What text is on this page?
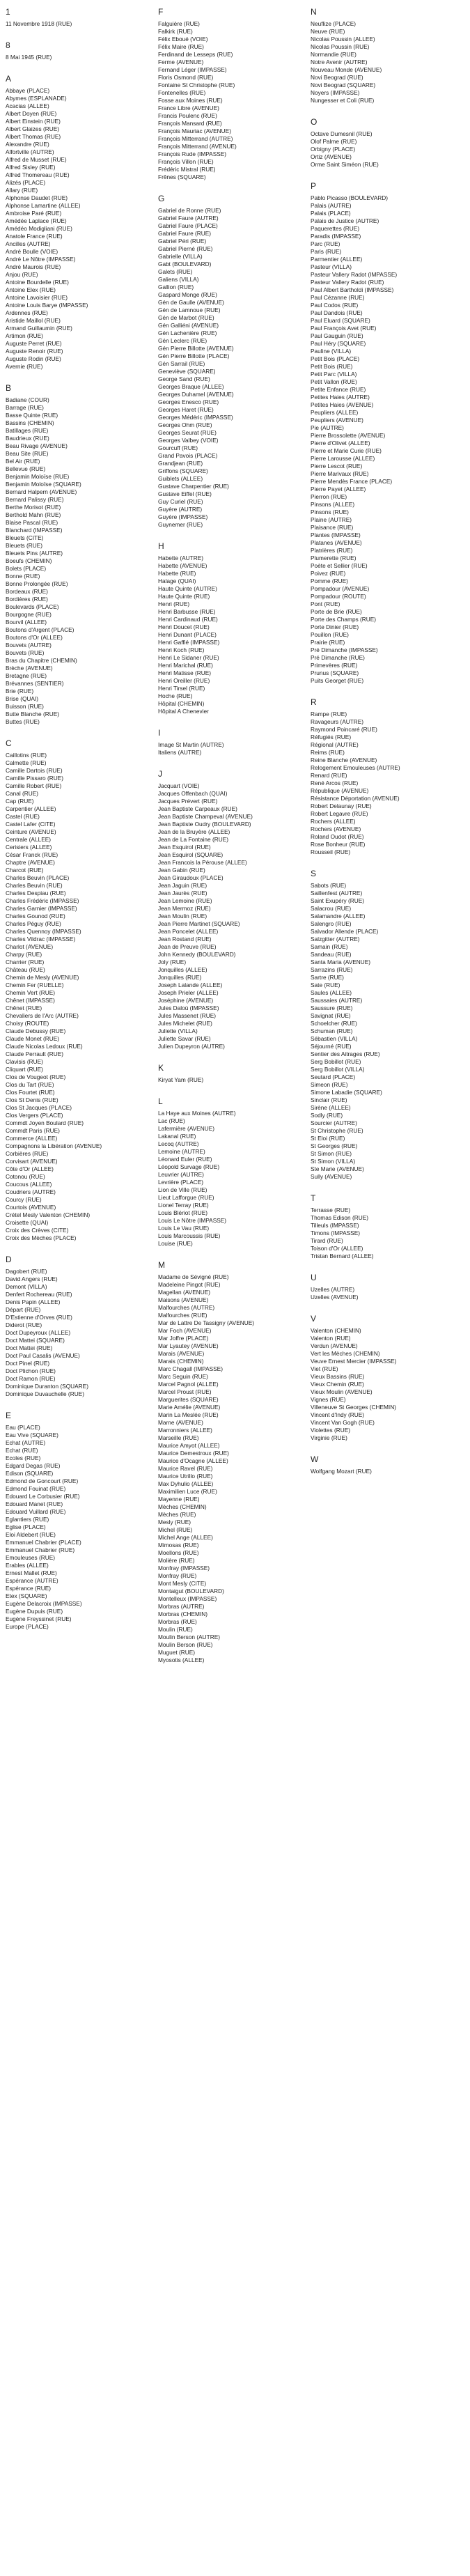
1
11 Novembre 1918 (RUE)
8
8 Mai 1945 (RUE)
A
Abbaye (PLACE)
Abymes (ESPLANADE)
Acacias (ALLEE)
Albert Doyen (RUE)
Albert Einstein (RUE)
Albert Glaizes (RUE)
Albert Thomas (RUE)
Alexandre (RUE)
Alfortville (AUTRE)
Alfred de Musset (RUE)
Alfred Sisley (RUE)
Alfred Thomereau (RUE)
Alizés (PLACE)
Allary (RUE)
Alphonse Daudet (RUE)
Alphonse Lamartine (ALLEE)
Ambroise Paré (RUE)
Amédée Laplace (RUE)
Amédéo Modigliani (RUE)
Anatole France (RUE)
Ancilles (AUTRE)
André Boulle (VOIE)
André Le Nôtre (IMPASSE)
André Maurois (RUE)
Anjou (RUE)
Antoine Bourdelle (RUE)
Antoine Elex (RUE)
Antoine Lavoisier (RUE)
Antoine Louis Barye (IMPASSE)
Ardennes (RUE)
Aristide Maillol (RUE)
Armand Guillaumin (RUE)
Artimon (RUE)
Auguste Perret (RUE)
Auguste Renoir (RUE)
Auguste Rodin (RUE)
Avernie (RUE)
B
Badiane (COUR)
Barrage (RUE)
Basse Quinte (RUE)
Bassins (CHEMIN)
Batillages (RUE)
Baudrieux (RUE)
Beau Rivage (AVENUE)
Beau Site (RUE)
Bel Air (RUE)
Bellevue (RUE)
Benjamin Moloïse (RUE)
Benjamin Moloïse (SQUARE)
Bernard Halpern (AVENUE)
Bernard Palissy (RUE)
Berthe Morisot (RUE)
Berthold Mahn (RUE)
Blaise Pascal (RUE)
Blanchard (IMPASSE)
Bleuets (CITE)
Bleuets (RUE)
Bleuets Pins (AUTRE)
Boeufs (CHEMIN)
Bolets (PLACE)
Bonne (RUE)
Bonne Prolongée (RUE)
Bordeaux (RUE)
Bordières (RUE)
Boulevards (PLACE)
Bourgogne (RUE)
Bourvil (ALLEE)
Boutons d'Argent (PLACE)
Boutons d'Or (ALLEE)
Bouvets (AUTRE)
Bouvets (RUE)
Bras du Chapitre (CHEMIN)
Brèche (AVENUE)
Bretagne (RUE)
Brévannes (SENTIER)
Brie (RUE)
Brise (QUAI)
Buisson (RUE)
Butte Blanche (RUE)
Buttes (RUE)
C
Caillotins (RUE)
Calmette (RUE)
Camille Dartois (RUE)
Camille Pissaro (RUE)
Camille Robert (RUE)
Canal (RUE)
Cap (RUE)
Carpentier (ALLEE)
Castel (RUE)
Castel Lafer (CITE)
Ceinture (AVENUE)
Centrale (ALLEE)
Cerisiers (ALLEE)
César Franck (RUE)
Chaptre (AVENUE)
Charcot (RUE)
Charles Beuvin (PLACE)
Charles Beuvin (RUE)
Charles Despiau (RUE)
Charles Frédéric (IMPASSE)
Charles Garnier (IMPASSE)
Charles Gounod (RUE)
Charles Péguy (RUE)
Charles Quennoy (IMPASSE)
Charles Vildrac (IMPASSE)
Charlot (AVENUE)
Charpy (RUE)
Charrier (RUE)
Château (RUE)
Chemin de Mesly (AVENUE)
Chemin Fer (RUELLE)
Chemin Vert (RUE)
Chênet (IMPASSE)
Chênet (RUE)
Chevaliers de l'Arc (AUTRE)
Choisy (ROUTE)
Claude Debussy (RUE)
Claude Monet (RUE)
Claude Nicolas Ledoux (RUE)
Claude Perrault (RUE)
Clavisis (RUE)
Cliquart (RUE)
Clos de Vougeot (RUE)
Clos du Tart (RUE)
Clos Fourtet (RUE)
Clos St Denis (RUE)
Clos St Jacques (PLACE)
Clos Vergers (PLACE)
Commdt Joyen Boulard (RUE)
Commdt Paris (RUE)
Commerce (ALLEE)
Compagnons la Libération (AVENUE)
Corbières (RUE)
Corvisart (AVENUE)
Côte d'Or (ALLEE)
Cotonou (RUE)
Coucous (ALLEE)
Coudriers (AUTRE)
Courcy (RUE)
Courtois (AVENUE)
Crétel Mesly Valenton (CHEMIN)
Croisette (QUAI)
Croix des Crèves (CITE)
Croix des Mèches (PLACE)
D
Dagobert (RUE)
David Angers (RUE)
Demont (VILLA)
Denfert Rochereau (RUE)
Denis Papin (ALLEE)
Départ (RUE)
D'Estienne d'Orves (RUE)
Diderot (RUE)
Doct Dupeyroux (ALLEE)
Doct Mattei (SQUARE)
Doct Mattei (RUE)
Doct Paul Casalis (AVENUE)
Doct Pinel (RUE)
Doct Plichon (RUE)
Doct Ramon (RUE)
Dominique Duranton (SQUARE)
Dominique Duvauchelle (RUE)
E
Eau (PLACE)
Eau Vive (SQUARE)
Echat (AUTRE)
Echat (RUE)
Ecoles (RUE)
Edgard Degas (RUE)
Edison (SQUARE)
Edmond de Goncourt (RUE)
Edmond Fouinat (RUE)
Edouard Le Corbusier (RUE)
Edouard Manet (RUE)
Edouard Vuillard (RUE)
Eglantiers (RUE)
Eglise (PLACE)
Eloi Aldebert (RUE)
Emmanuel Chabrier (PLACE)
Emmanuel Chabrier (RUE)
Emouleuses (RUE)
Erables (ALLEE)
Ernest Mallet (RUE)
Espérance (AUTRE)
Espérance (RUE)
Etex (SQUARE)
Eugène Delacroix (IMPASSE)
Eugène Dupuis (RUE)
Eugène Freyssinet (RUE)
Europe (PLACE)
F
Falguière (RUE)
Falkirk (RUE)
Félix Eboué (VOIE)
Félix Maire (RUE)
Ferdinand de Lesseps (RUE)
Ferme (AVENUE)
Fernand Léger (IMPASSE)
Floris Osmond (RUE)
Fontaine St Christophe (RUE)
Fontenelles (RUE)
Fosse aux Moines (RUE)
France Libre (AVENUE)
Francis Poulenc (RUE)
François Mansard (RUE)
François Mauriac (AVENUE)
François Mitterrand (AUTRE)
François Mitterrand (AVENUE)
François Rude (IMPASSE)
François Villon (RUE)
Frédéric Mistral (RUE)
Frênes (SQUARE)
G
Gabriel de Ronne (RUE)
Gabriel Faure (AUTRE)
Gabriel Faure (PLACE)
Gabriel Faure (RUE)
Gabriel Péri (RUE)
Gabriel Pierné (RUE)
Gabrielle (VILLA)
Gabt (BOULEVARD)
Galets (RUE)
Galiens (VILLA)
Gallion (RUE)
Gaspard Monge (RUE)
Gén de Gaulle (AVENUE)
Gén de Lamnoue (RUE)
Gén de Marbot (RUE)
Gén Galliéni (AVENUE)
Gén Lachenière (RUE)
Gén Leclerc (RUE)
Gén Pierre Billotte (AVENUE)
Gén Pierre Billotte (PLACE)
Gén Sarrail (RUE)
Geneviève (SQUARE)
George Sand (RUE)
Georges Braque (ALLEE)
Georges Duhamel (AVENUE)
Georges Enesco (RUE)
Georges Haret (RUE)
Georges Médéric (IMPASSE)
Georges Ohm (RUE)
Georges Seurat (RUE)
Georges Valbey (VOIE)
Gourcuff (RUE)
Grand Pavois (PLACE)
Grandjean (RUE)
Griffons (SQUARE)
Guiblets (ALLEE)
Gustave Charpentier (RUE)
Gustave Eiffel (RUE)
Guy Curiel (RUE)
Guyère (AUTRE)
Guyère (IMPASSE)
Guynemer (RUE)
H
Habette (AUTRE)
Habette (AVENUE)
Habette (RUE)
Halage (QUAI)
Haute Quinte (AUTRE)
Haute Quinte (RUE)
Henri (RUE)
Henri Barbusse (RUE)
Henri Cardinaud (RUE)
Henri Doucet (RUE)
Henri Dunant (PLACE)
Henri Gaffié (IMPASSE)
Henri Koch (RUE)
Henri Le Sidaner (RUE)
Henri Marichal (RUE)
Henri Matisse (RUE)
Henri Oreiller (RUE)
Henri Tirsel (RUE)
Hoche (RUE)
Hôpital (CHEMIN)
Hôpital A Chenevier
I
Image St Martin (AUTRE)
Italiens (AUTRE)
J
Jacquart (VOIE)
Jacques Offenbach (QUAI)
Jacques Prévert (RUE)
Jean Baptiste Carpeaux (RUE)
Jean Baptiste Champeval (AVENUE)
Jean Baptiste Oudry (BOULEVARD)
Jean de la Bruyère (ALLEE)
Jean de La Fontaine (RUE)
Jean Esquirol (RUE)
Jean Esquirol (SQUARE)
Jean Francois la Pérouse (ALLEE)
Jean Gabin (RUE)
Jean Giraudoux (PLACE)
Jean Jaguin (RUE)
Jean Jaurès (RUE)
Jean Lemoine (RUE)
Jean Mermoz (RUE)
Jean Moulin (RUE)
Jean Pierre Martinet (SQUARE)
Jean Poncelet (ALLEE)
Jean Rostand (RUE)
Jean de Preuve (RUE)
John Kennedy (BOULEVARD)
Joly (RUE)
Jonquilles (ALLEE)
Jonquilles (RUE)
Joseph Lalande (ALLEE)
Joseph Prieler (ALLEE)
Joséphine (AVENUE)
Jules Daloù (IMPASSE)
Jules Massenet (RUE)
Jules Michelet (RUE)
Juliette (VILLA)
Juliette Savar (RUE)
Julien Dupeyron (AUTRE)
K
Kiryat Yam (RUE)
L
La Haye aux Moines (AUTRE)
Lac (RUE)
Lafermière (AVENUE)
Lakanal (RUE)
Lecoq (AUTRE)
Lemoine (AUTRE)
Léonard Euler (RUE)
Léopold Survage (RUE)
Leuvrier (AUTRE)
Levrière (PLACE)
Lion de Ville (RUE)
Lieut Lafforgue (RUE)
Lionel Terray (RUE)
Louis Blériot (RUE)
Louis Le Nôtre (IMPASSE)
Louis Le Vau (RUE)
Louis Marcoussis (RUE)
Louise (RUE)
M
Madame de Sévigné (RUE)
Madeleine Pingot (RUE)
Magellan (AVENUE)
Maisons (AVENUE)
Malfourches (AUTRE)
Malfourches (RUE)
Mar de Lattre De Tassigny (AVENUE)
Mar Foch (AVENUE)
Mar Joffre (PLACE)
Mar Lyautey (AVENUE)
Marais (AVENUE)
Marais (CHEMIN)
Marc Chagall (IMPASSE)
Marc Seguin (RUE)
Marcel Pagnol (ALLEE)
Marcel Proust (RUE)
Marguerites (SQUARE)
Marie Amélie (AVENUE)
Marin La Meslée (RUE)
Marne (AVENUE)
Marronniers (ALLEE)
Marseille (RUE)
Maurice Amyot (ALLEE)
Maurice Demestroux (RUE)
Maurice d'Ocagne (ALLEE)
Maurice Ravel (RUE)
Maurice Utrillo (RUE)
Max Dyhulio (ALLEE)
Maximilien Luce (RUE)
Mayenne (RUE)
Mèches (CHEMIN)
Mèches (RUE)
Mesly (RUE)
Michel (RUE)
Michel Ange (ALLEE)
Mimosas (RUE)
Moellons (RUE)
Molière (RUE)
Monfray (IMPASSE)
Monfray (RUE)
Mont Mesly (CITE)
Montaigut (BOULEVARD)
Montelleux (IMPASSE)
Morbras (AUTRE)
Morbras (CHEMIN)
Morbras (RUE)
Moulin (RUE)
Moulin Berson (AUTRE)
Moulin Berson (RUE)
Muguet (RUE)
Myosotis (ALLEE)
N
Neuflize (PLACE)
Neuve (RUE)
Nicolas Poussin (ALLEE)
Nicolas Poussin (RUE)
Normandie (RUE)
Notre Avenir (AUTRE)
Nouveau Monde (AVENUE)
Novi Beograd (RUE)
Novi Beograd (SQUARE)
Noyers (IMPASSE)
Nungesser et Coli (RUE)
O
Octave Dumesnil (RUE)
Olof Palme (RUE)
Orbigny (PLACE)
Ortiz (AVENUE)
Orme Saint Siméon (RUE)
P
Pablo Picasso (BOULEVARD)
Palais (AUTRE)
Palais (PLACE)
Palais de Justice (AUTRE)
Paquerettes (RUE)
Paradis (IMPASSE)
Parc (RUE)
Paris (RUE)
Parmentier (ALLEE)
Pasteur (VILLA)
Pasteur Vallery Radot (IMPASSE)
Pasteur Vallery Radot (RUE)
Paul Albert Bartholdi (IMPASSE)
Paul Cézanne (RUE)
Paul Codos (RUE)
Paul Dandois (RUE)
Paul Eluard (SQUARE)
Paul François Avet (RUE)
Paul Gauguin (RUE)
Paul Héry (SQUARE)
Pauline (VILLA)
Petit Bois (PLACE)
Petit Bois (RUE)
Petit Parc (VILLA)
Petit Vallon (RUE)
Petite Enfance (RUE)
Petites Haies (AUTRE)
Petites Haies (AVENUE)
Peupliers (ALLEE)
Peupliers (AVENUE)
Pie (AUTRE)
Pierre Brossolette (AVENUE)
Pierre d'Olivet (ALLEE)
Pierre et Marie Curie (RUE)
Pierre Larousse (ALLEE)
Pierre Lescot (RUE)
Pierre Marivaux (RUE)
Pierre Mendès France (PLACE)
Pierre Payet (ALLEE)
Pierron (RUE)
Pinsons (ALLEE)
Pinsons (RUE)
Plaine (AUTRE)
Plaisance (RUE)
Plantes (IMPASSE)
Platanes (AVENUE)
Platrières (RUE)
Plumerette (RUE)
Poète et Sellier (RUE)
Poivez (RUE)
Pomme (RUE)
Pompadour (AVENUE)
Pompadour (ROUTE)
Pont (RUE)
Porte de Brie (RUE)
Porte des Champs (RUE)
Porte Dinier (RUE)
Pouillon (RUE)
Prairie (RUE)
Pré Dimanche (IMPASSE)
Pré Dimanche (RUE)
Primevères (RUE)
Prunus (SQUARE)
Puits Georget (RUE)
R
Rampe (RUE)
Ravageurs (AUTRE)
Raymond Poincaré (RUE)
Réfugiés (RUE)
Régional (AUTRE)
Reims (RUE)
Reine Blanche (AVENUE)
Relogement Emouleuses (AUTRE)
Renard (RUE)
René Arcos (RUE)
République (AVENUE)
Résistance Déportation (AVENUE)
Robert Delaunay (RUE)
Robert Legavre (RUE)
Rochers (ALLEE)
Rochers (AVENUE)
Roland Oudot (RUE)
Rose Bonheur (RUE)
Rousseil (RUE)
S
Sabots (RUE)
Saillenfest (AUTRE)
Saint Exupéry (RUE)
Salacrou (RUE)
Salamandre (ALLEE)
Salengro (RUE)
Salvador Allende (PLACE)
Salzgitter (AUTRE)
Samain (RUE)
Sandeau (RUE)
Santa Maria (AVENUE)
Sarrazins (RUE)
Sartre (RUE)
Sate (RUE)
Saules (ALLEE)
Saussaies (AUTRE)
Saussure (RUE)
Savignat (RUE)
Schoelcher (RUE)
Schuman (RUE)
Sébastien (VILLA)
Séjourné (RUE)
Sentier des Aitrages (RUE)
Serg Bobillot (RUE)
Serg Bobillot (VILLA)
Seutard (PLACE)
Simeon (RUE)
Simone Labadie (SQUARE)
Sinclair (RUE)
Sirène (ALLEE)
Sodly (RUE)
Sourcier (AUTRE)
St Christophe (RUE)
St Eloi (RUE)
St Georges (RUE)
St Simon (RUE)
St Simon (VILLA)
Ste Marie (AVENUE)
Sully (AVENUE)
T
Terrasse (RUE)
Thomas Edison (RUE)
Tilleuls (IMPASSE)
Timons (IMPASSE)
Tirard (RUE)
Toison d'Or (ALLEE)
Tristan Bernard (ALLEE)
U
Uzelles (AUTRE)
Uzelles (AVENUE)
V
Valenton (CHEMIN)
Valenton (RUE)
Verdun (AVENUE)
Vert les Mèches (CHEMIN)
Veuve Ernest Mercier (IMPASSE)
Viet (RUE)
Vieux Bassins (RUE)
Vieux Chemin (RUE)
Vieux Moulin (AVENUE)
Vignes (RUE)
Villeneuve St Georges (CHEMIN)
Vincent d'Indy (RUE)
Vincent Van Gogh (RUE)
Violettes (RUE)
Virginie (RUE)
W
Wolfgang Mozart (RUE)
